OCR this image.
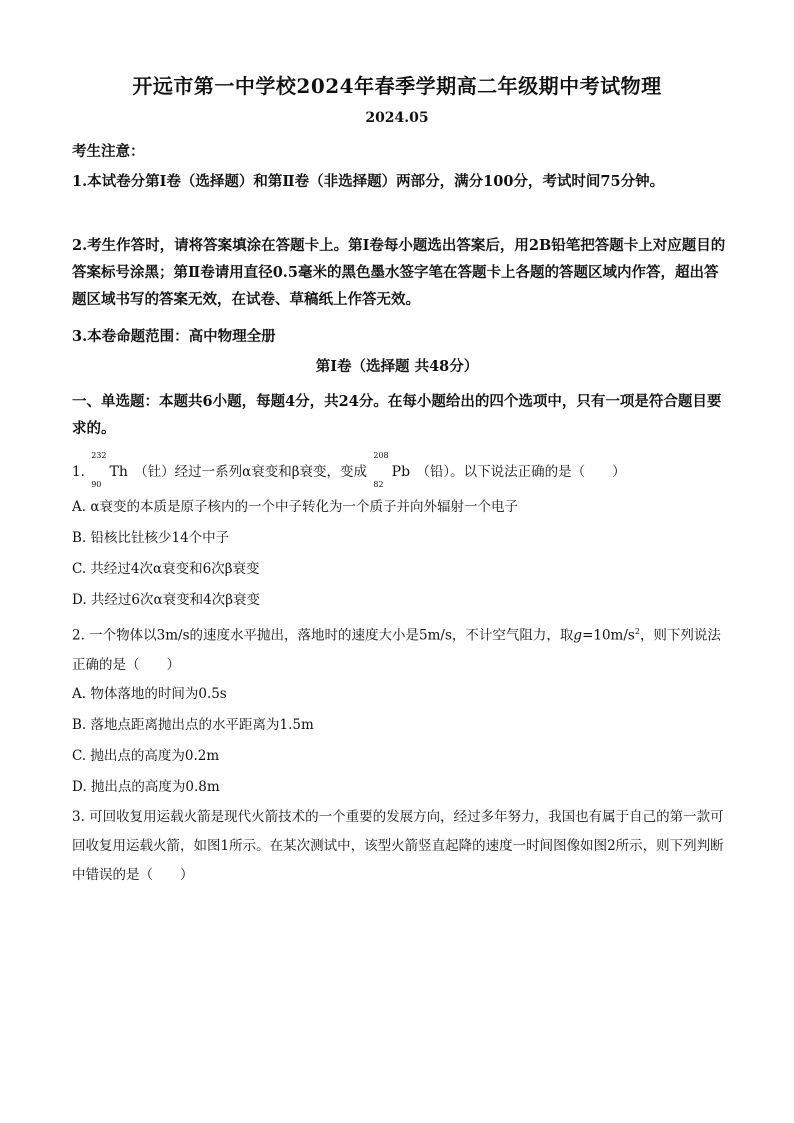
开远市第一中学校2024年春季学期高二年级期中考试物理
2024.05
考生注意：
1.本试卷分第Ⅰ卷（选择题）和第Ⅱ卷（非选择题）两部分，满分100分，考试时间75分钟。
2.考生作答时，请将答案填涂在答题卡上。第Ⅰ卷每小题选出答案后，用2B铅笔把答题卡上对应题目的答案标号涂黑；第Ⅱ卷请用直径0.5毫米的黑色墨水签字笔在答题卡上各题的答题区域内作答，超出答题区域书写的答案无效，在试卷、草稿纸上作答无效。
3.本卷命题范围：高中物理全册
第Ⅰ卷（选择题 共48分）
一、单选题：本题共6小题，每题4分，共24分。在每小题给出的四个选项中，只有一项是符合题目要求的。
1.
232
90
Th （钍）经过一系列α衰变和β衰变，变成
208
82
Pb （铅）。以下说法正确的是（　　）
A. α衰变的本质是原子核内的一个中子转化为一个质子并向外辐射一个电子
B. 铅核比钍核少14个中子
C. 共经过4次α衰变和6次β衰变
D. 共经过6次α衰变和4次β衰变
2. 一个物体以3m/s的速度水平抛出，落地时的速度大小是5m/s，不计空气阻力，取$g=10m/s^2$，则下列说法正确的是（　　）
A. 物体落地的时间为0.5s
B. 落地点距离抛出点的水平距离为1.5m
C. 抛出点的高度为0.2m
D. 抛出点的高度为0.8m
3. 可回收复用运载火箭是现代火箭技术的一个重要的发展方向，经过多年努力，我国也有属于自己的第一款可回收复用运载火箭，如图1所示。在某次测试中，该型火箭竖直起降的速度一时间图像如图2所示，则下列判断中错误的是（　　）
